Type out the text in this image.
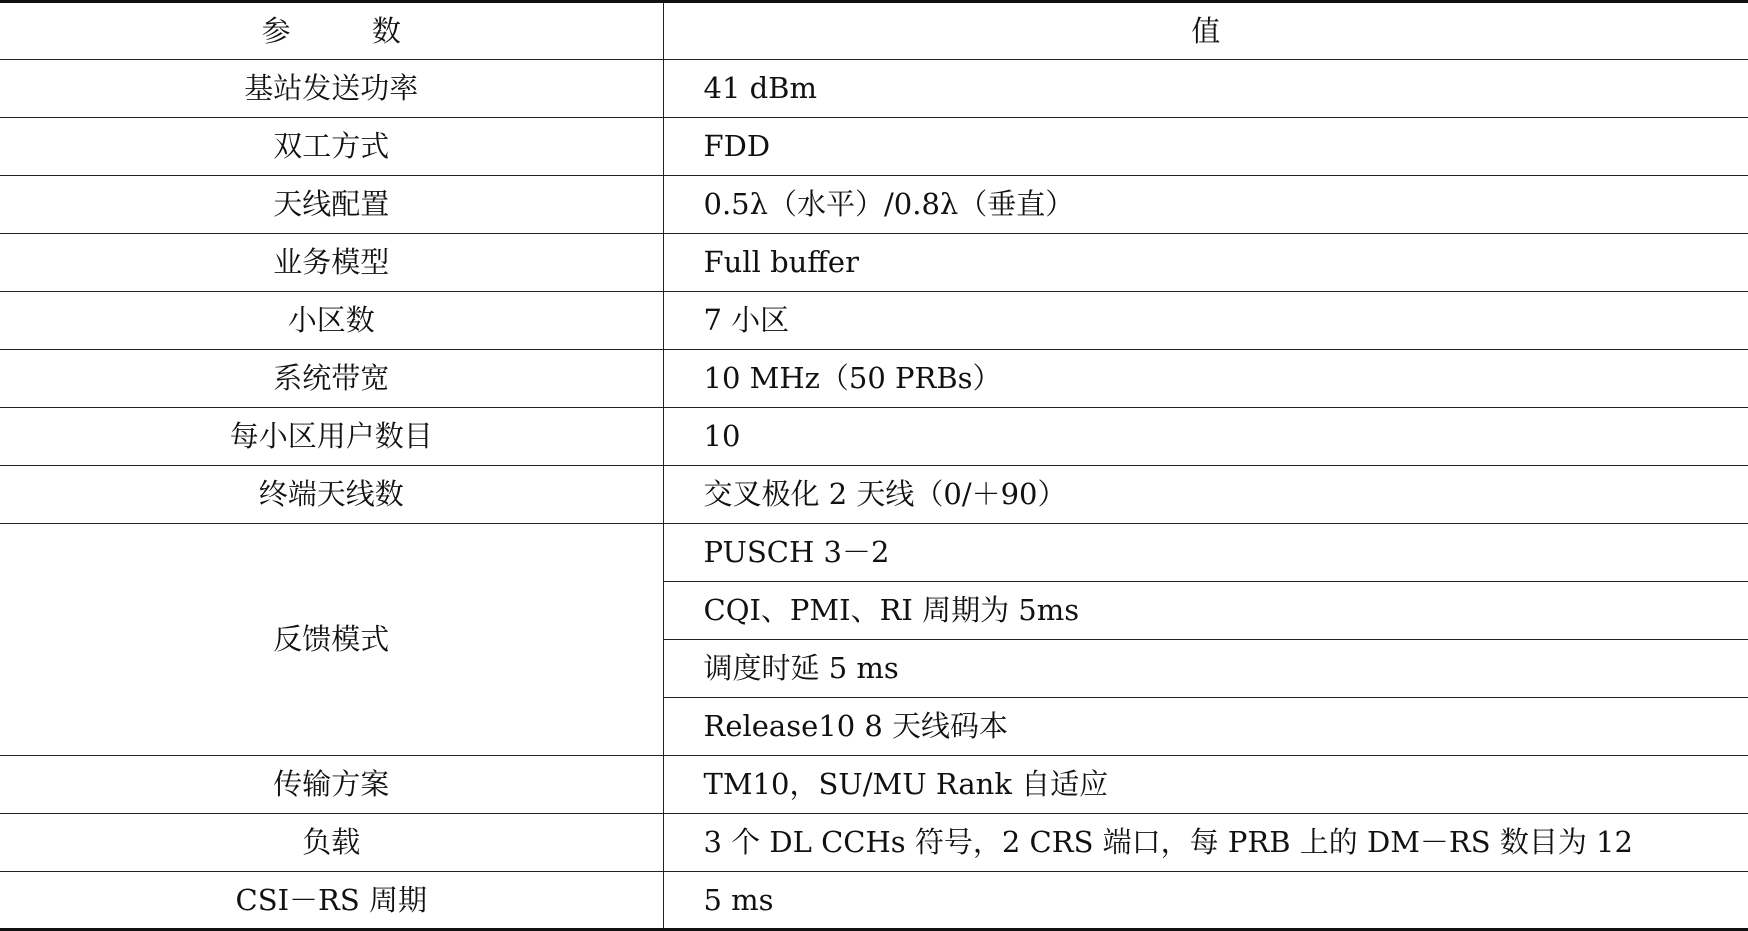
参　数	值
基站发送功率	41 dBm
双工方式	FDD
天线配置	0.5λ（水平）/0.8λ（垂直）
业务模型	Full buffer
小区数	7 小区
系统带宽	10 MHz（50 PRBs）
每小区用户数目	10
终端天线数	交叉极化 2 天线（0/＋90）
反馈模式	PUSCH 3－2
	CQI、PMI、RI 周期为 5ms
	调度时延 5 ms
	Release10 8 天线码本
传输方案	TM10，SU/MU Rank 自适应
负载	3 个 DL CCHs 符号，2 CRS 端口，每 PRB 上的 DM－RS 数目为 12
CSI－RS 周期	5 ms
